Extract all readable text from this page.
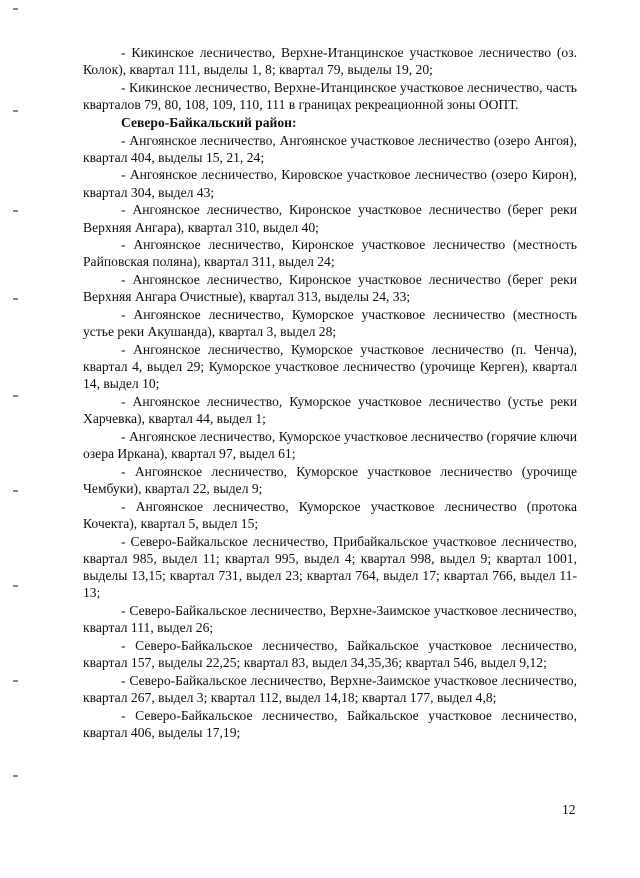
- Кикинское лесничество, Верхне-Итанцинское участковое лесничество (оз. Колок), квартал 111, выделы 1, 8; квартал 79, выделы 19, 20;

- Кикинское лесничество, Верхне-Итанцинское участковое лесничество, часть кварталов 79, 80, 108, 109, 110, 111 в границах рекреационной зоны ООПТ.

Северо-Байкальский район:

- Ангоянское лесничество, Ангоянское участковое лесничество (озеро Ангоя), квартал 404, выделы 15, 21, 24;

- Ангоянское лесничество, Кировское участковое лесничество (озеро Кирон), квартал 304, выдел 43;

- Ангоянское лесничество, Киронское участковое лесничество (берег реки Верхняя Ангара), квартал 310, выдел 40;

- Ангоянское лесничество, Киронское участковое лесничество (местность Райповская поляна), квартал 311, выдел 24;

- Ангоянское лесничество, Киронское участковое лесничество (берег реки Верхняя Ангара Очистные), квартал 313, выделы 24, 33;

- Ангоянское лесничество, Куморское участковое лесничество (местность устье реки Акушанда), квартал 3, выдел 28;

- Ангоянское лесничество, Куморское участковое лесничество (п. Ченча), квартал 4, выдел 29; Куморское участковое лесничество (урочище Керген), квартал 14, выдел 10;

- Ангоянское лесничество, Куморское участковое лесничество (устье реки Харчевка), квартал 44, выдел 1;

- Ангоянское лесничество, Куморское участковое лесничество (горячие ключи озера Иркана), квартал 97, выдел 61;

- Ангоянское лесничество, Куморское участковое лесничество (урочище Чембуки), квартал 22, выдел 9;

- Ангоянское лесничество, Куморское участковое лесничество (протока Кочекта), квартал 5, выдел 15;

- Северо-Байкальское лесничество, Прибайкальское участковое лесничество, квартал 985, выдел 11; квартал 995, выдел 4; квартал 998, выдел 9; квартал 1001, выделы 13,15; квартал 731, выдел 23; квартал 764, выдел 17; квартал 766, выдел 11-13;

- Северо-Байкальское лесничество, Верхне-Заимское участковое лесничество, квартал 111, выдел 26;

- Северо-Байкальское лесничество, Байкальское участковое лесничество, квартал 157, выделы 22,25; квартал 83, выдел 34,35,36; квартал 546, выдел 9,12;

- Северо-Байкальское лесничество, Верхне-Заимское участковое лесничество, квартал 267, выдел 3; квартал 112, выдел 14,18; квартал 177, выдел 4,8;

- Северо-Байкальское лесничество, Байкальское участковое лесничество, квартал 406, выделы 17,19;

12
